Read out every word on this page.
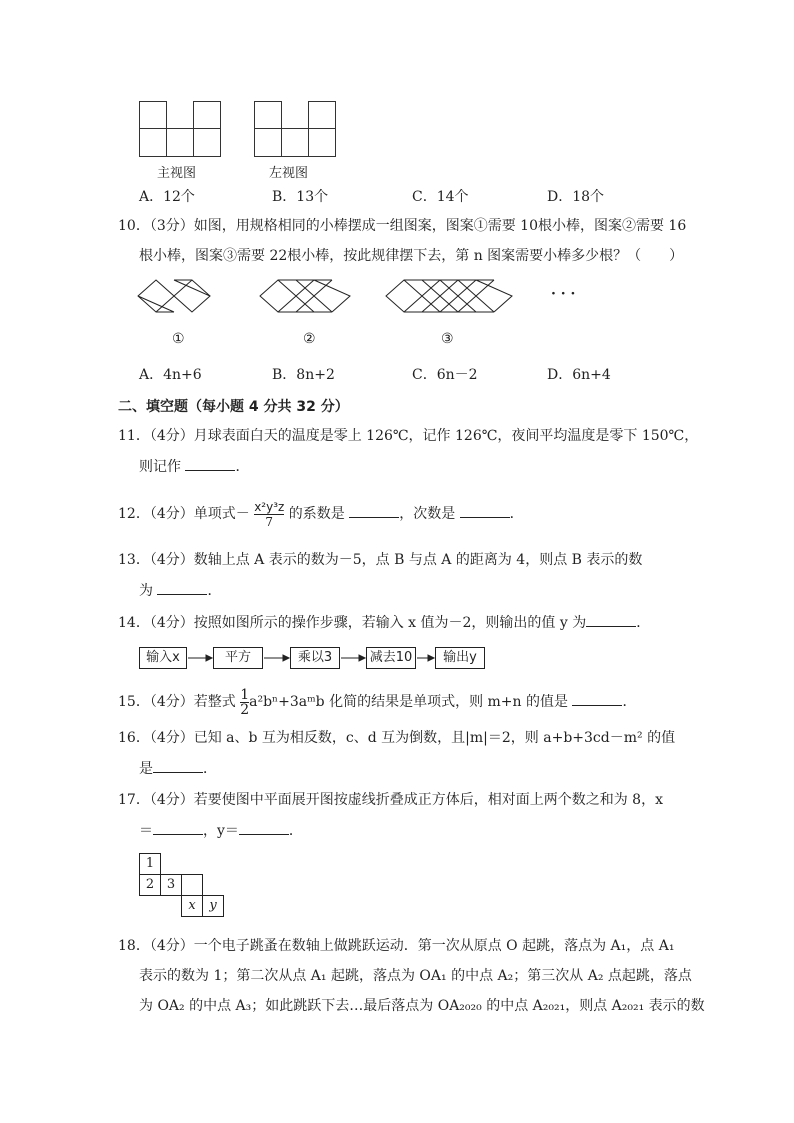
主视图	左视图
A．12个	B．13个	C．14个	D．18个
10．（3分）如图，用规格相同的小棒摆成一组图案，图案①需要 10根小棒，图案②需要 16
根小棒，图案③需要 22根小棒，按此规律摆下去，第 n 图案需要小棒多少根？（　　）
①	②	③
· · ·
A．4n+6	B．8n+2	C．6n－2	D．6n+4
二、填空题（每小题 4 分共 32 分）
11．（4分）月球表面白天的温度是零上 126℃，记作 126℃，夜间平均温度是零下 150℃，
则记作	．
12．（4分）单项式－ $\frac{\text{x²y³z}}{7}$ 的系数是	，次数是	．
13．（4分）数轴上点 A 表示的数为－5，点 B 与点 A 的距离为 4，则点 B 表示的数
为	．
14．（4分）按照如图所示的操作步骤，若输入 x 值为－2，则输出的值 y 为	．
输入x	平方	乘以3	减去10	输出y
15．（4分）若整式 $\frac{1}{2}$ a²bⁿ+3aᵐb 化简的结果是单项式，则 m+n 的值是	．
16．（4分）已知 a、b 互为相反数，c、d 互为倒数，且|m|＝2，则 a+b+3cd－m² 的值
是	．
17．（4分）若要使图中平面展开图按虚线折叠成正方体后，相对面上两个数之和为 8，x
＝	，y＝	．
1
2 3
x	y
18．（4分）一个电子跳蚤在数轴上做跳跃运动．第一次从原点 O 起跳，落点为 A₁，点 A₁
表示的数为 1；第二次从点 A₁ 起跳，落点为 OA₁ 的中点 A₂；第三次从 A₂ 点起跳，落点
为 OA₂ 的中点 A₃；如此跳跃下去…最后落点为 OA₂₀₂₀ 的中点 A₂₀₂₁，则点 A₂₀₂₁ 表示的数
